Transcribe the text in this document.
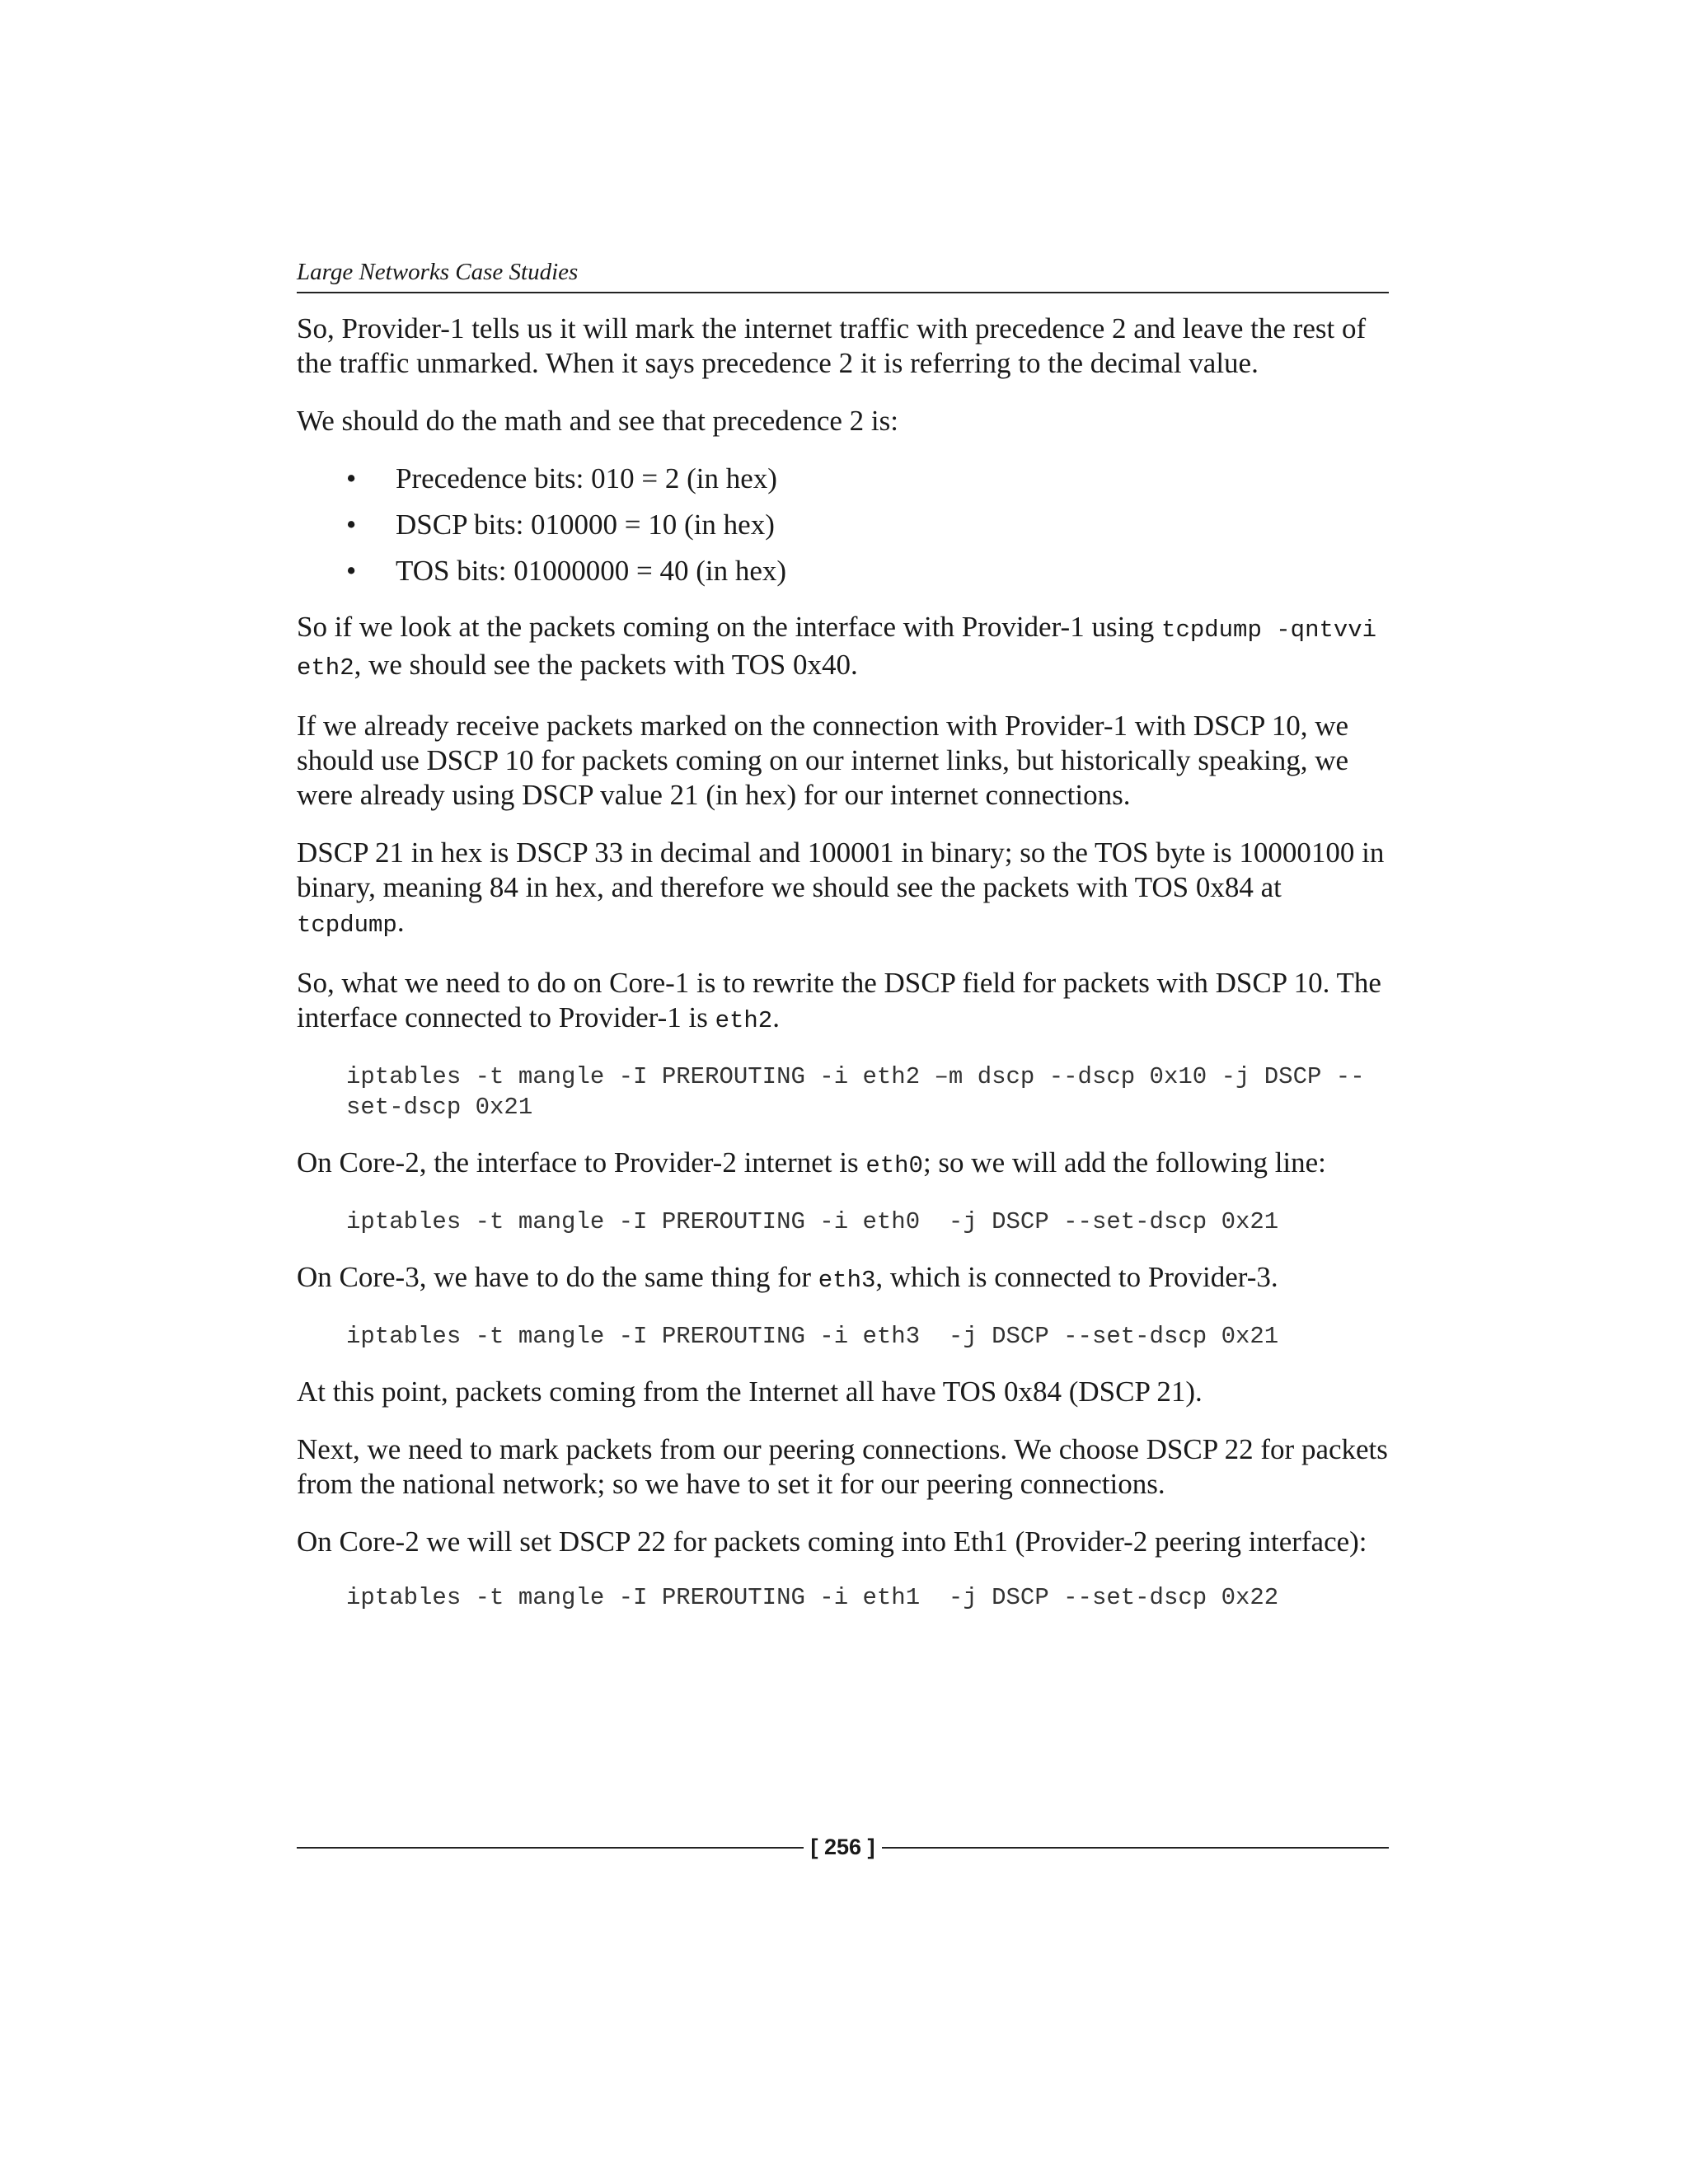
Large Networks Case Studies

So, Provider-1 tells us it will mark the internet traffic with precedence 2 and leave the rest of the traffic unmarked. When it says precedence 2 it is referring to the decimal value.

We should do the math and see that precedence 2 is:

• Precedence bits: 010 = 2 (in hex)
• DSCP bits: 010000 = 10 (in hex)
• TOS bits: 01000000 = 40 (in hex)

So if we look at the packets coming on the interface with Provider-1 using tcpdump -qntvvi eth2, we should see the packets with TOS 0x40.

If we already receive packets marked on the connection with Provider-1 with DSCP 10, we should use DSCP 10 for packets coming on our internet links, but historically speaking, we were already using DSCP value 21 (in hex) for our internet connections.

DSCP 21 in hex is DSCP 33 in decimal and 100001 in binary; so the TOS byte is 10000100 in binary, meaning 84 in hex, and therefore we should see the packets with TOS 0x84 at tcpdump.

So, what we need to do on Core-1 is to rewrite the DSCP field for packets with DSCP 10. The interface connected to Provider-1 is eth2.

iptables -t mangle -I PREROUTING -i eth2 –m dscp --dscp 0x10 -j DSCP --set-dscp 0x21

On Core-2, the interface to Provider-2 internet is eth0; so we will add the following line:

iptables -t mangle -I PREROUTING -i eth0  -j DSCP --set-dscp 0x21

On Core-3, we have to do the same thing for eth3, which is connected to Provider-3.

iptables -t mangle -I PREROUTING -i eth3  -j DSCP --set-dscp 0x21

At this point, packets coming from the Internet all have TOS 0x84 (DSCP 21).

Next, we need to mark packets from our peering connections. We choose DSCP 22 for packets from the national network; so we have to set it for our peering connections.

On Core-2 we will set DSCP 22 for packets coming into Eth1 (Provider-2 peering interface):

iptables -t mangle -I PREROUTING -i eth1  -j DSCP --set-dscp 0x22
[ 256 ]
